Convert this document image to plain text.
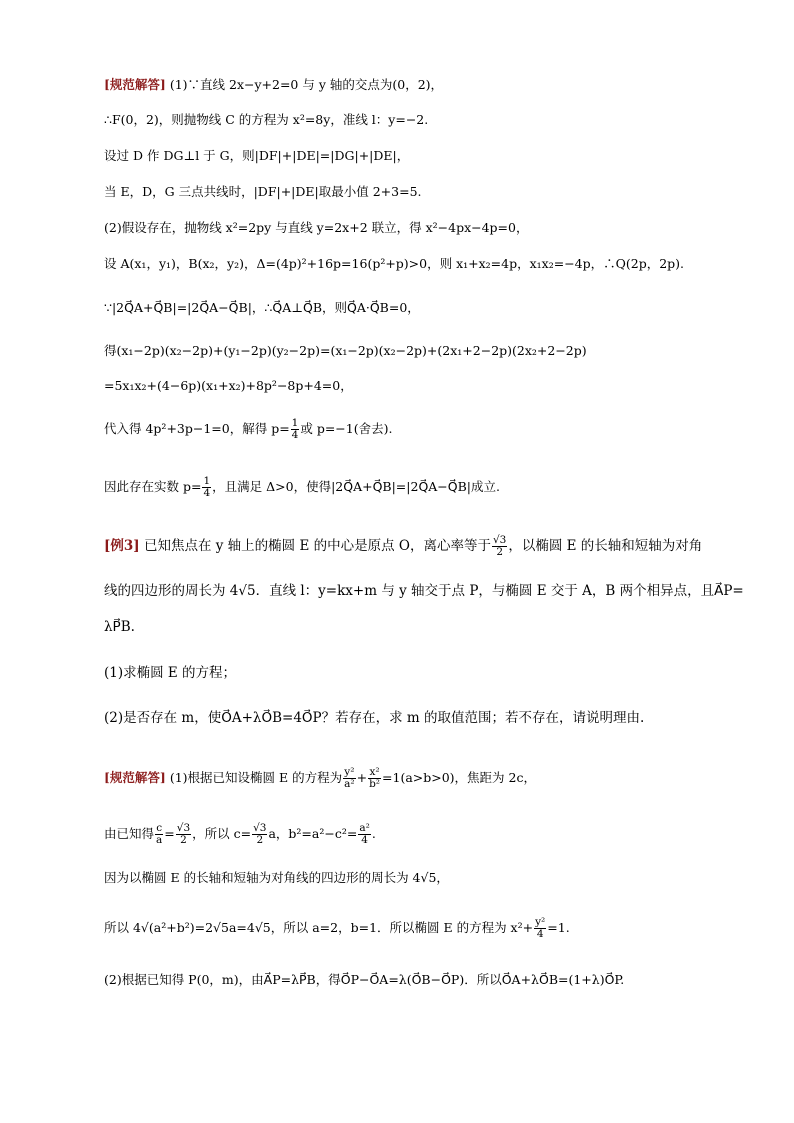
[规范解答] (1)∵直线 2x−y+2=0 与 y 轴的交点为(0，2)，
∴F(0，2)，则抛物线 C 的方程为 x²=8y，准线 l：y=−2.
设过 D 作 DG⊥l 于 G，则|DF|+|DE|=|DG|+|DE|，
当 E，D，G 三点共线时，|DF|+|DE|取最小值 2+3=5.
(2)假设存在，抛物线 x²=2py 与直线 y=2x+2 联立，得 x²−4px−4p=0，
设 A(x₁，y₁)，B(x₂，y₂)，Δ=(4p)²+16p=16(p²+p)>0，则 x₁+x₂=4p，x₁x₂=−4p，∴Q(2p，2p).
∵|2Q⃗A+Q⃗B|=|2Q⃗A−Q⃗B|，∴Q⃗A⊥Q⃗B，则Q⃗A·Q⃗B=0，
得(x₁−2p)(x₂−2p)+(y₁−2p)(y₂−2p)=(x₁−2p)(x₂−2p)+(2x₁+2−2p)(2x₂+2−2p)
=5x₁x₂+(4−6p)(x₁+x₂)+8p²−8p+4=0，
代入得 4p²+3p−1=0，解得 $p= \frac{1}{4}$ 或 p=−1(舍去).
因此存在实数 $p= \frac{1}{4}$ ，且满足 Δ>0，使得|2Q⃗A+Q⃗B|=|2Q⃗A−Q⃗B|成立.
[例3] 已知焦点在 y 轴上的椭圆 E 的中心是原点 O，离心率等于 $\frac{√3}{2}$ ，以椭圆 E 的长轴和短轴为对角
线的四边形的周长为 4√5．直线 l：y=kx+m 与 y 轴交于点 P，与椭圆 E 交于 A，B 两个相异点，且A⃗P=
λP⃗B.
(1)求椭圆 E 的方程；
(2)是否存在 m，使O⃗A+λO⃗B=4O⃗P？若存在，求 m 的取值范围；若不存在，请说明理由.
[规范解答] (1)根据已知设椭圆 E 的方程为 $\frac{\text{y²}}{\text{a²}} + \frac{\text{x²}}{\text{b²}} =1(a>b>0)$，焦距为 2c，
由已知得 $\frac{c}{a} = \frac{√3}{2}$ ，所以 $c= \frac{√3}{2}$ a，$b^2=a^2-c^2= \frac{\text{a²}}{4}$ .
因为以椭圆 E 的长轴和短轴为对角线的四边形的周长为 4√5，
所以 4√(a²+b²)=2√5a=4√5，所以 a=2，b=1．所以椭圆 E 的方程为 $x^2+ \frac{\text{y²}}{4} =1$.
(2)根据已知得 P(0，m)，由A⃗P=λP⃗B，得O⃗P−O⃗A=λ(O⃗B−O⃗P)．所以O⃗A+λO⃗B=(1+λ)O⃗P.
